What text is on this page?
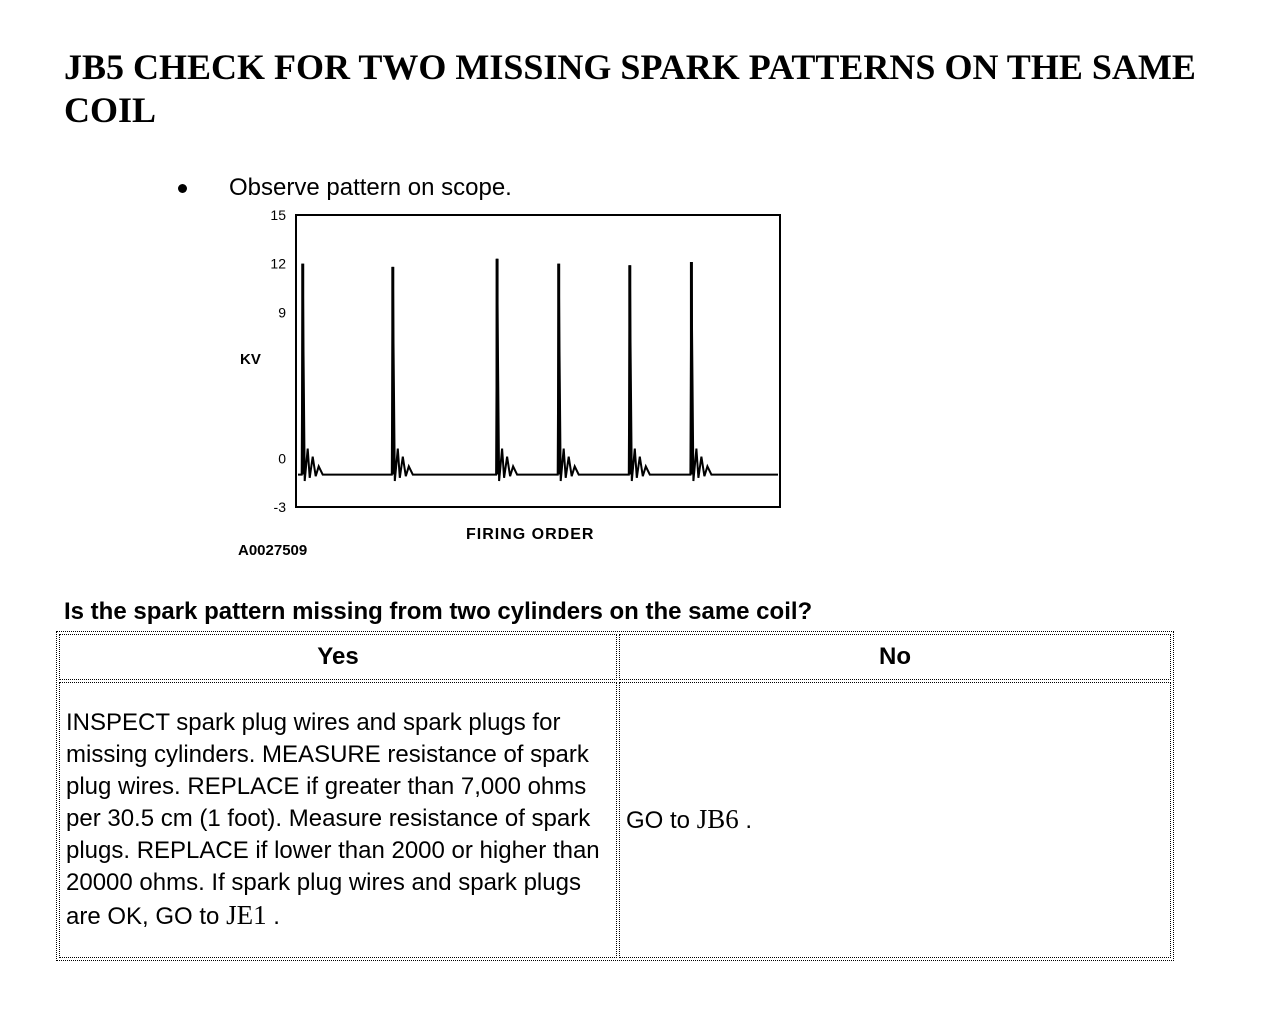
JB5 CHECK FOR TWO MISSING SPARK PATTERNS ON THE SAME COIL
Observe pattern on scope.
15
12
9
0
-3
KV
FIRING ORDER
A0027509
Is the spark pattern missing from two cylinders on the same coil?
Yes	No
INSPECT spark plug wires and spark plugs for missing cylinders. MEASURE resistance of spark plug wires. REPLACE if greater than 7,000 ohms per 30.5 cm (1 foot). Measure resistance of spark plugs. REPLACE if lower than 2000 or higher than 20000 ohms. If spark plug wires and spark plugs are OK, GO to JE1 .	GO to JB6 .
